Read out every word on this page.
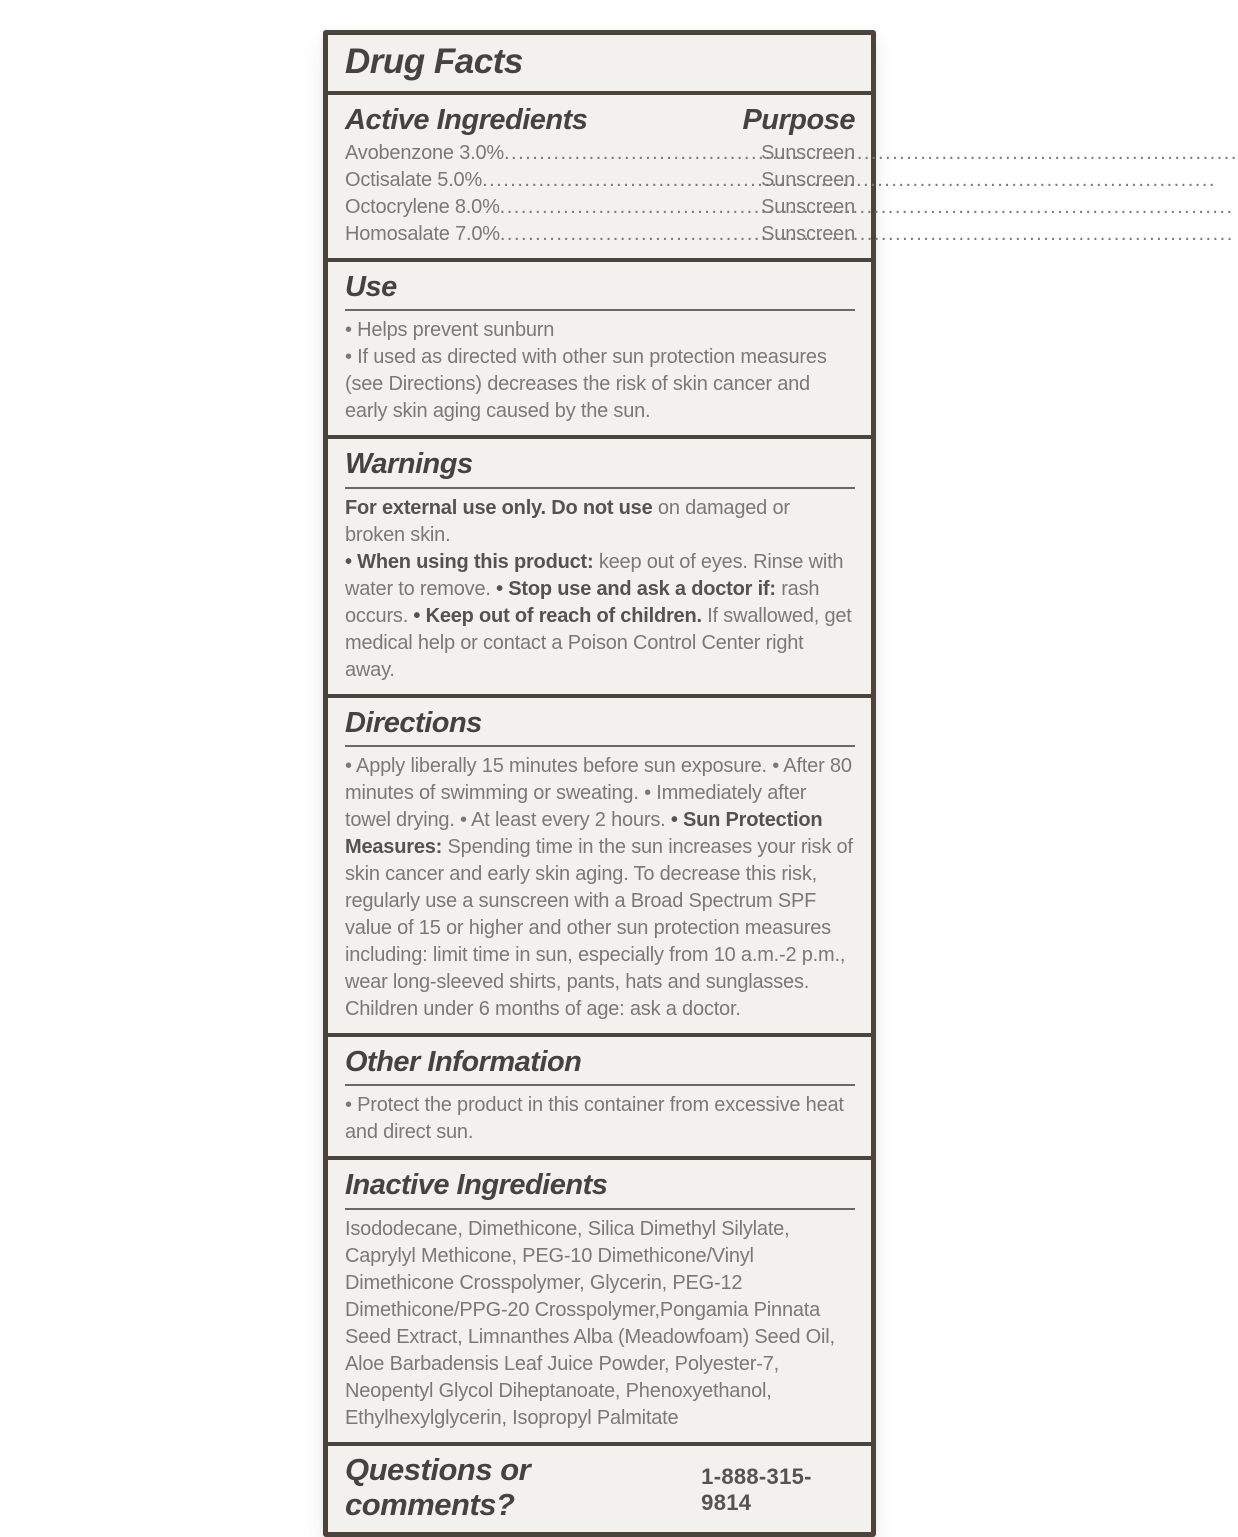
Drug Facts
Active Ingredients	Purpose
Avobenzone 3.0% .....	Sunscreen
Octisalate 5.0% .....	Sunscreen
Octocrylene 8.0% .....	Sunscreen
Homosalate 7.0% .....	Sunscreen
Use

• Helps prevent sunburn

• If used as directed with other sun protection measures (see Directions) decreases the risk of skin cancer and early skin aging caused by the sun.

Warnings

For external use only. Do not use on damaged or broken skin.

• When using this product: keep out of eyes. Rinse with water to remove. • Stop use and ask a doctor if: rash occurs. • Keep out of reach of children. If swallowed, get medical help or contact a Poison Control Center right away.

Directions

• Apply liberally 15 minutes before sun exposure. • After 80 minutes of swimming or sweating. • Immediately after towel drying. • At least every 2 hours. • Sun Protection Measures: Spending time in the sun increases your risk of skin cancer and early skin aging. To decrease this risk, regularly use a sunscreen with a Broad Spectrum SPF value of 15 or higher and other sun protection measures including: limit time in sun, especially from 10 a.m.-2 p.m., wear long-sleeved shirts, pants, hats and sunglasses. Children under 6 months of age: ask a doctor.

Other Information

• Protect the product in this container from excessive heat and direct sun.

Inactive Ingredients

Isododecane, Dimethicone, Silica Dimethyl Silylate, Caprylyl Methicone, PEG-10 Dimethicone/Vinyl Dimethicone Crosspolymer, Glycerin, PEG-12 Dimethicone/PPG-20 Crosspolymer,Pongamia Pinnata Seed Extract, Limnanthes Alba (Meadowfoam) Seed Oil, Aloe Barbadensis Leaf Juice Powder, Polyester-7, Neopentyl Glycol Diheptanoate, Phenoxyethanol, Ethylhexylglycerin, Isopropyl Palmitate

Questions or comments?
1-888-315-9814
